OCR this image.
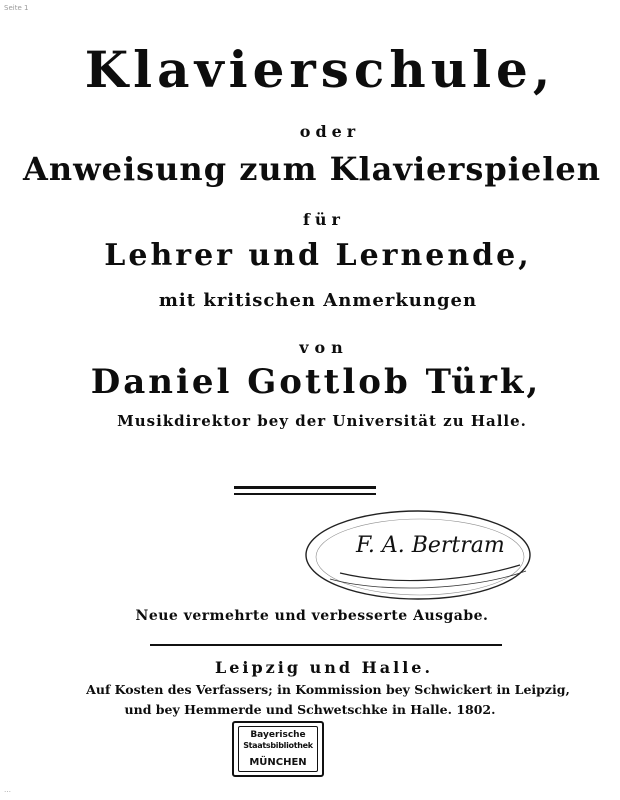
Seite 1
Klavierschule,
oder
Anweisung zum Klavierspielen
für
Lehrer und Lernende,
mit kritischen Anmerkungen
von
Daniel Gottlob Türk,
Musikdirektor bey der Universität zu Halle.
F. A. Bertram
Neue vermehrte und verbesserte Ausgabe.
Leipzig und Halle.
Auf Kosten des Verfassers; in Kommission bey Schwickert in Leipzig,
und bey Hemmerde und Schwetschke in Halle. 1802.
Bayerische
Staatsbibliothek
MÜNCHEN
…
